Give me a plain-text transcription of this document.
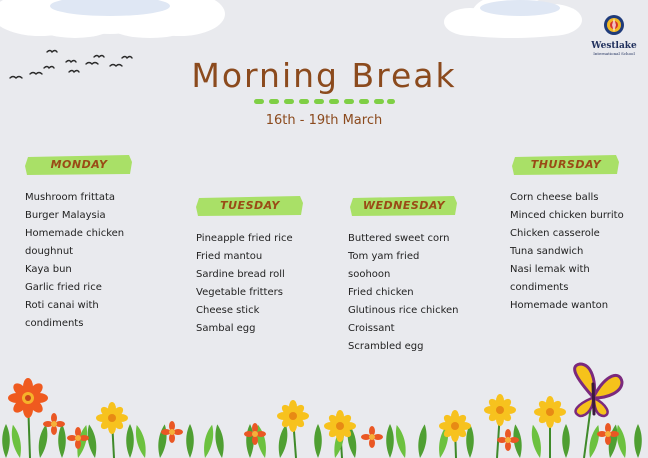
Westlake
International School
Morning Break
16th - 19th March
MONDAY
TUESDAY	WEDNESDAY
THURSDAY
Mushroom frittata
Burger Malaysia
Homemade chicken
doughnut
Kaya bun
Garlic fried rice
Roti canai with
condiments
Pineapple fried rice
Fried mantou
Sardine bread roll
Vegetable fritters
Cheese stick
Sambal egg
Buttered sweet corn
Tom yam fried
soohoon
Fried chicken
Glutinous rice chicken
Croissant
Scrambled egg
Corn cheese balls
Minced chicken burrito
Chicken casserole
Tuna sandwich
Nasi lemak with
condiments
Homemade wanton
